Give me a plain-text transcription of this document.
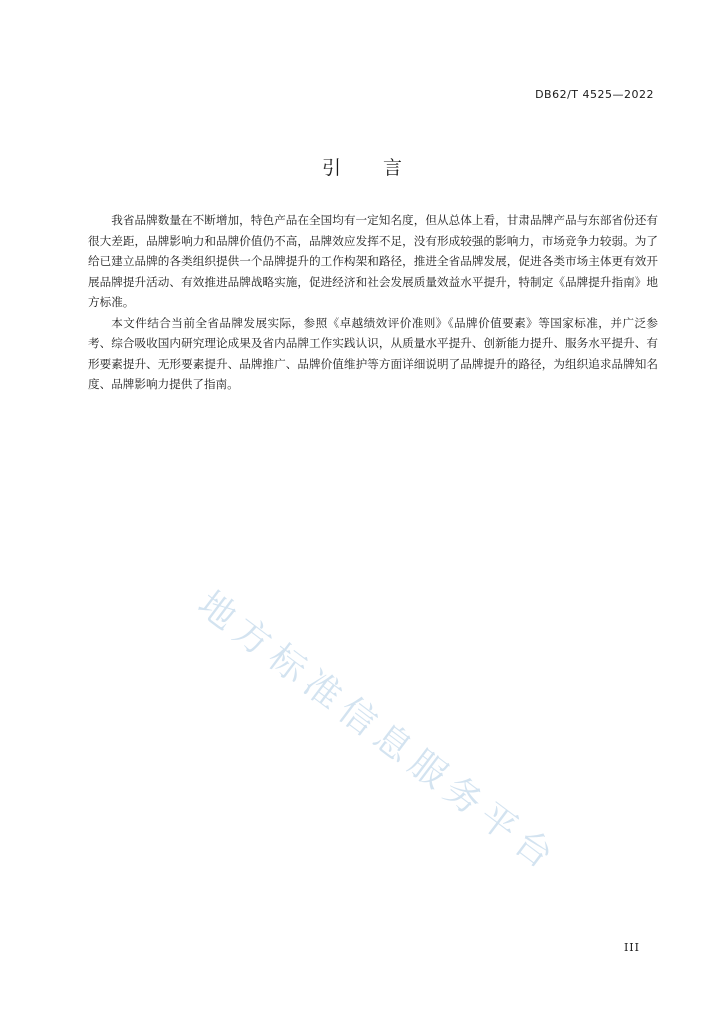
DB62/T 4525—2022
引 言

我省品牌数量在不断增加，特色产品在全国均有一定知名度，但从总体上看，甘肃品牌产品与东部省份还有很大差距，品牌影响力和品牌价值仍不高，品牌效应发挥不足，没有形成较强的影响力，市场竞争力较弱。为了给已建立品牌的各类组织提供一个品牌提升的工作构架和路径，推进全省品牌发展，促进各类市场主体更有效开展品牌提升活动、有效推进品牌战略实施，促进经济和社会发展质量效益水平提升，特制定《品牌提升指南》地方标准。

本文件结合当前全省品牌发展实际，参照《卓越绩效评价准则》《品牌价值要素》等国家标准，并广泛参考、综合吸收国内研究理论成果及省内品牌工作实践认识，从质量水平提升、创新能力提升、服务水平提升、有形要素提升、无形要素提升、品牌推广、品牌价值维护等方面详细说明了品牌提升的路径，为组织追求品牌知名度、品牌影响力提供了指南。

地方标准信息服务平台
III
